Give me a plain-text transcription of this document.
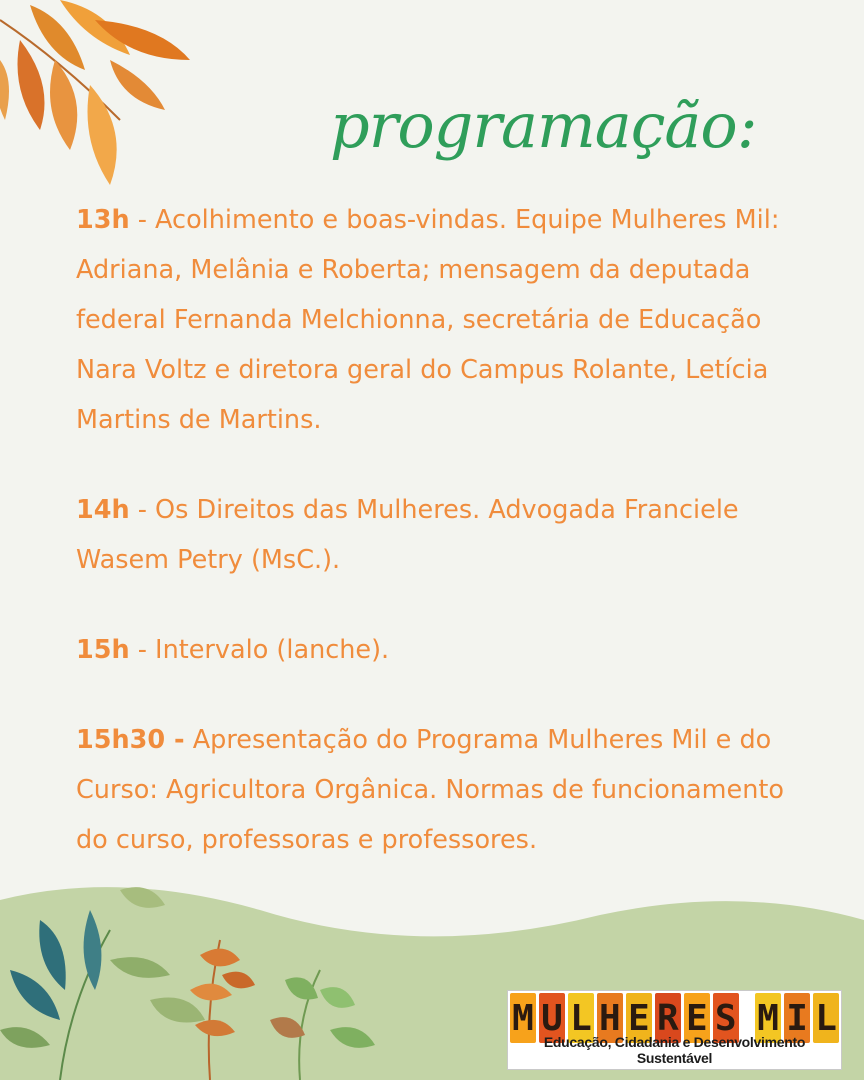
programação:

13h - Acolhimento e boas-vindas. Equipe Mulheres Mil: Adriana, Melânia e Roberta; mensagem da deputada federal Fernanda Melchionna, secretária de Educação Nara Voltz e diretora geral do Campus Rolante, Letícia Martins de Martins.

14h - Os Direitos das Mulheres. Advogada Franciele Wasem Petry (MsC.).

15h - Intervalo (lanche).

15h30 - Apresentação do Programa Mulheres Mil e do Curso: Agricultora Orgânica. Normas de funcionamento do curso, professoras e professores.

M U L H E R E S M I L
Educação, Cidadania e Desenvolvimento Sustentável
